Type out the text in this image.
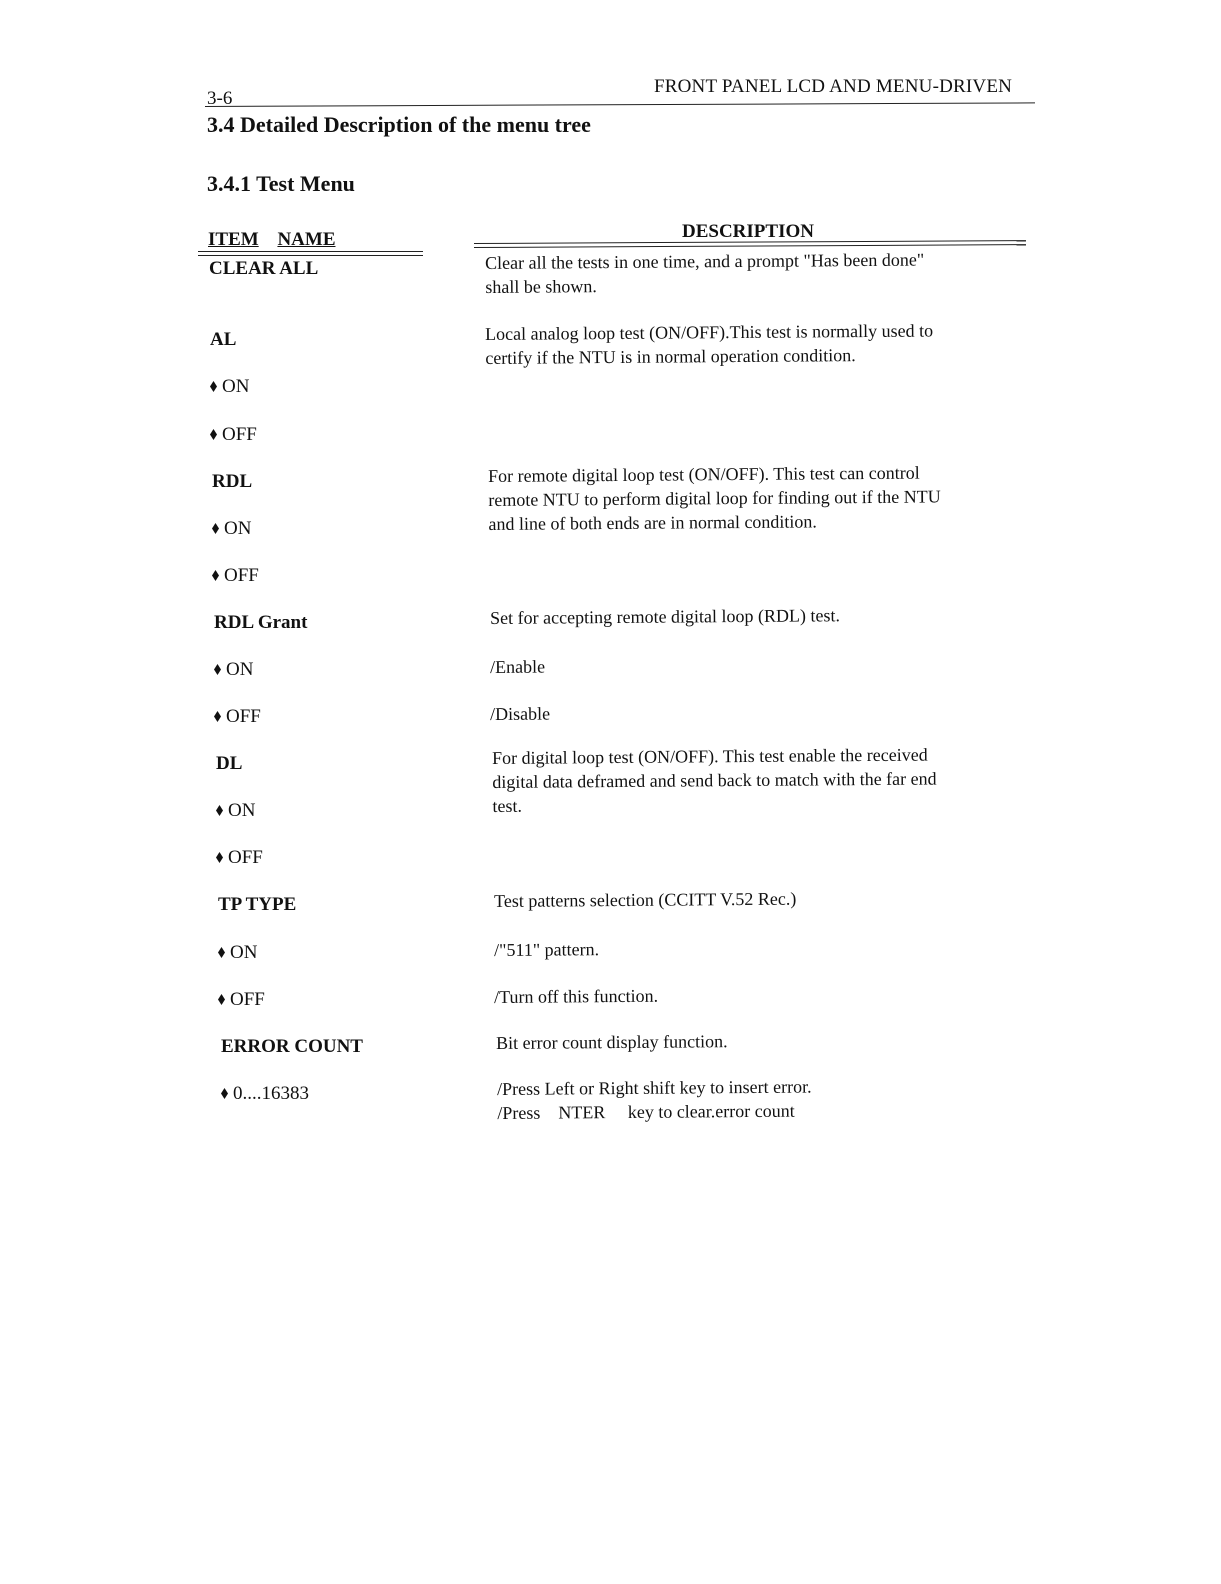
3-6
FRONT PANEL LCD AND MENU-DRIVEN
3.4 Detailed Description of the menu tree
3.4.1 Test Menu
ITEM NAME	DESCRIPTION
CLEAR ALL
AL
ON
OFF
RDL
ON
OFF
RDL Grant
ON
OFF
DL
ON
OFF
TP TYPE
ON
OFF
ERROR COUNT
0....16383
Clear all the tests in one time, and a prompt "Has been done"
shall be shown.
Local analog loop test (ON/OFF).This test is normally used to
certify if the NTU is in normal operation condition.
For remote digital loop test (ON/OFF). This test can control
remote NTU to perform digital loop for finding out if the NTU
and line of both ends are in normal condition.
Set for accepting remote digital loop (RDL) test.
/Enable
/Disable
For digital loop test (ON/OFF). This test enable the received
digital data deframed and send back to match with the far end
test.
Test patterns selection (CCITT V.52 Rec.)
/"511" pattern.
/Turn off this function.
Bit error count display function.
/Press Left or Right shift key to insert error.
/Press    NTER     key to clear.error count
